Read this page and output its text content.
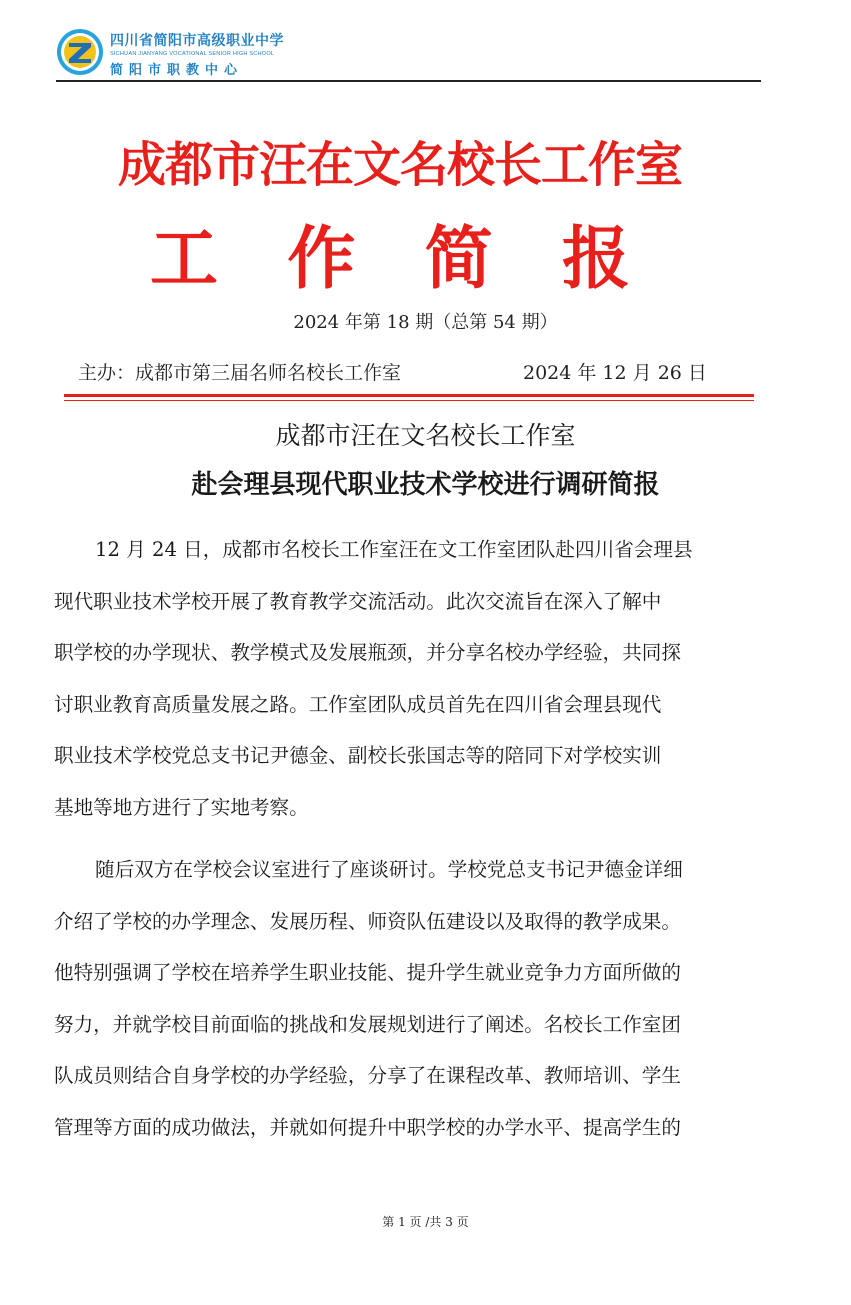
四川省简阳市高级职业中学
SICHUAN JIANYANG VOCATIONAL SENIOR HIGH SCHOOL
简阳市职教中心
成都市汪在文名校长工作室
工 作 简 报
2024 年第 18 期（总第 54 期）
主办：成都市第三届名师名校长工作室	2024 年 12 月 26 日
成都市汪在文名校长工作室
赴会理县现代职业技术学校进行调研简报
12 月 24 日，成都市名校长工作室汪在文工作室团队赴四川省会理县
现代职业技术学校开展了教育教学交流活动。此次交流旨在深入了解中
职学校的办学现状、教学模式及发展瓶颈，并分享名校办学经验，共同探
讨职业教育高质量发展之路。工作室团队成员首先在四川省会理县现代
职业技术学校党总支书记尹德金、副校长张国志等的陪同下对学校实训
基地等地方进行了实地考察。
随后双方在学校会议室进行了座谈研讨。学校党总支书记尹德金详细
介绍了学校的办学理念、发展历程、师资队伍建设以及取得的教学成果。
他特别强调了学校在培养学生职业技能、提升学生就业竞争力方面所做的
努力，并就学校目前面临的挑战和发展规划进行了阐述。名校长工作室团
队成员则结合自身学校的办学经验，分享了在课程改革、教师培训、学生
管理等方面的成功做法，并就如何提升中职学校的办学水平、提高学生的
第 1 页 /共 3 页
